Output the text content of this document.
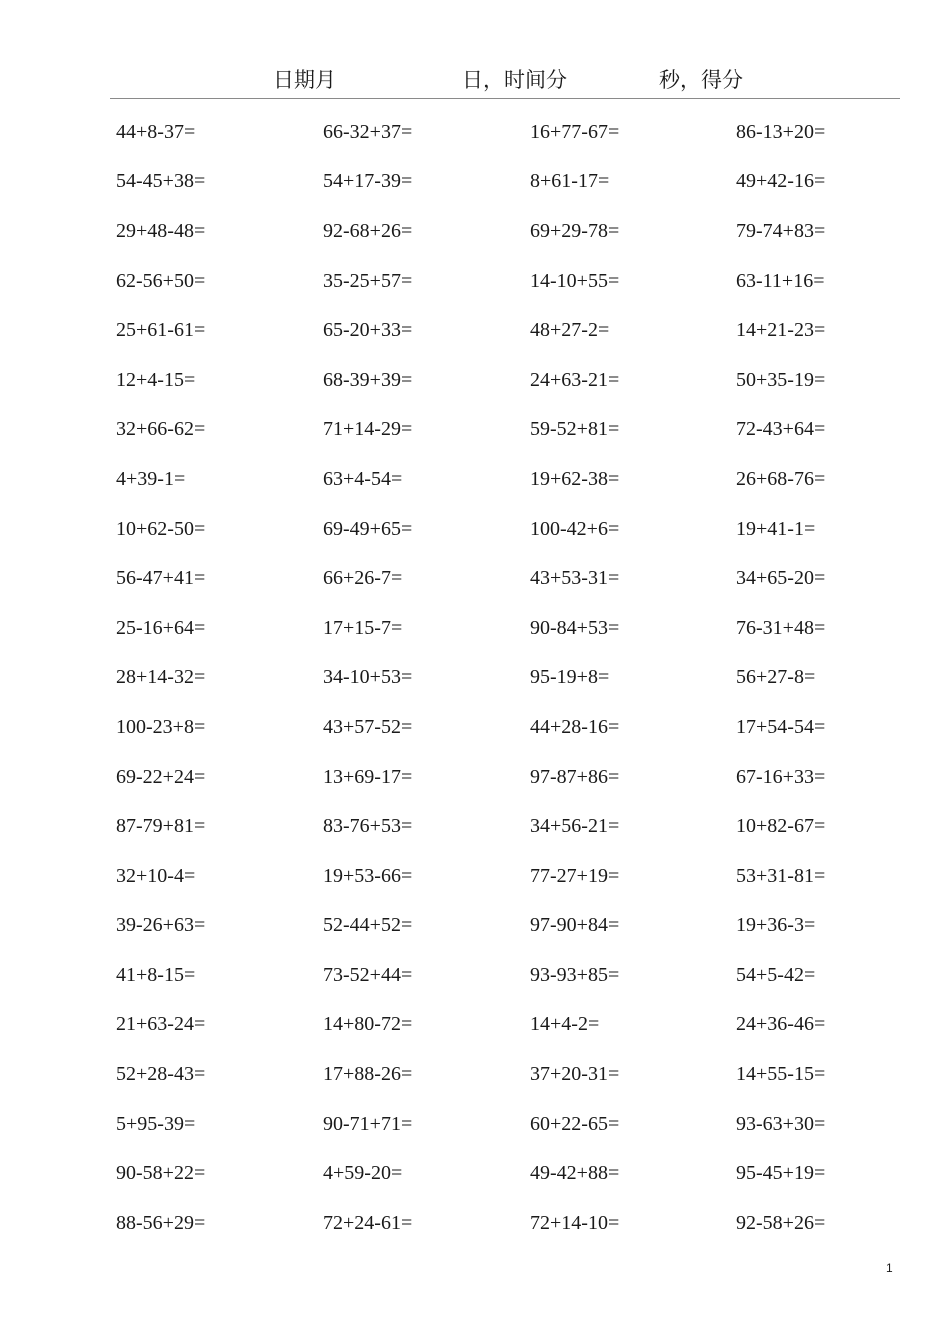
日期月	日，时间分	秒，得分
44+8-37=	66-32+37=	16+77-67=	86-13+20=
54-45+38=	54+17-39=	8+61-17=	49+42-16=
29+48-48=	92-68+26=	69+29-78=	79-74+83=
62-56+50=	35-25+57=	14-10+55=	63-11+16=
25+61-61=	65-20+33=	48+27-2=	14+21-23=
12+4-15=	68-39+39=	24+63-21=	50+35-19=
32+66-62=	71+14-29=	59-52+81=	72-43+64=
4+39-1=	63+4-54=	19+62-38=	26+68-76=
10+62-50=	69-49+65=	100-42+6=	19+41-1=
56-47+41=	66+26-7=	43+53-31=	34+65-20=
25-16+64=	17+15-7=	90-84+53=	76-31+48=
28+14-32=	34-10+53=	95-19+8=	56+27-8=
100-23+8=	43+57-52=	44+28-16=	17+54-54=
69-22+24=	13+69-17=	97-87+86=	67-16+33=
87-79+81=	83-76+53=	34+56-21=	10+82-67=
32+10-4=	19+53-66=	77-27+19=	53+31-81=
39-26+63=	52-44+52=	97-90+84=	19+36-3=
41+8-15=	73-52+44=	93-93+85=	54+5-42=
21+63-24=	14+80-72=	14+4-2=	24+36-46=
52+28-43=	17+88-26=	37+20-31=	14+55-15=
5+95-39=	90-71+71=	60+22-65=	93-63+30=
90-58+22=	4+59-20=	49-42+88=	95-45+19=
88-56+29=	72+24-61=	72+14-10=	92-58+26=
1
